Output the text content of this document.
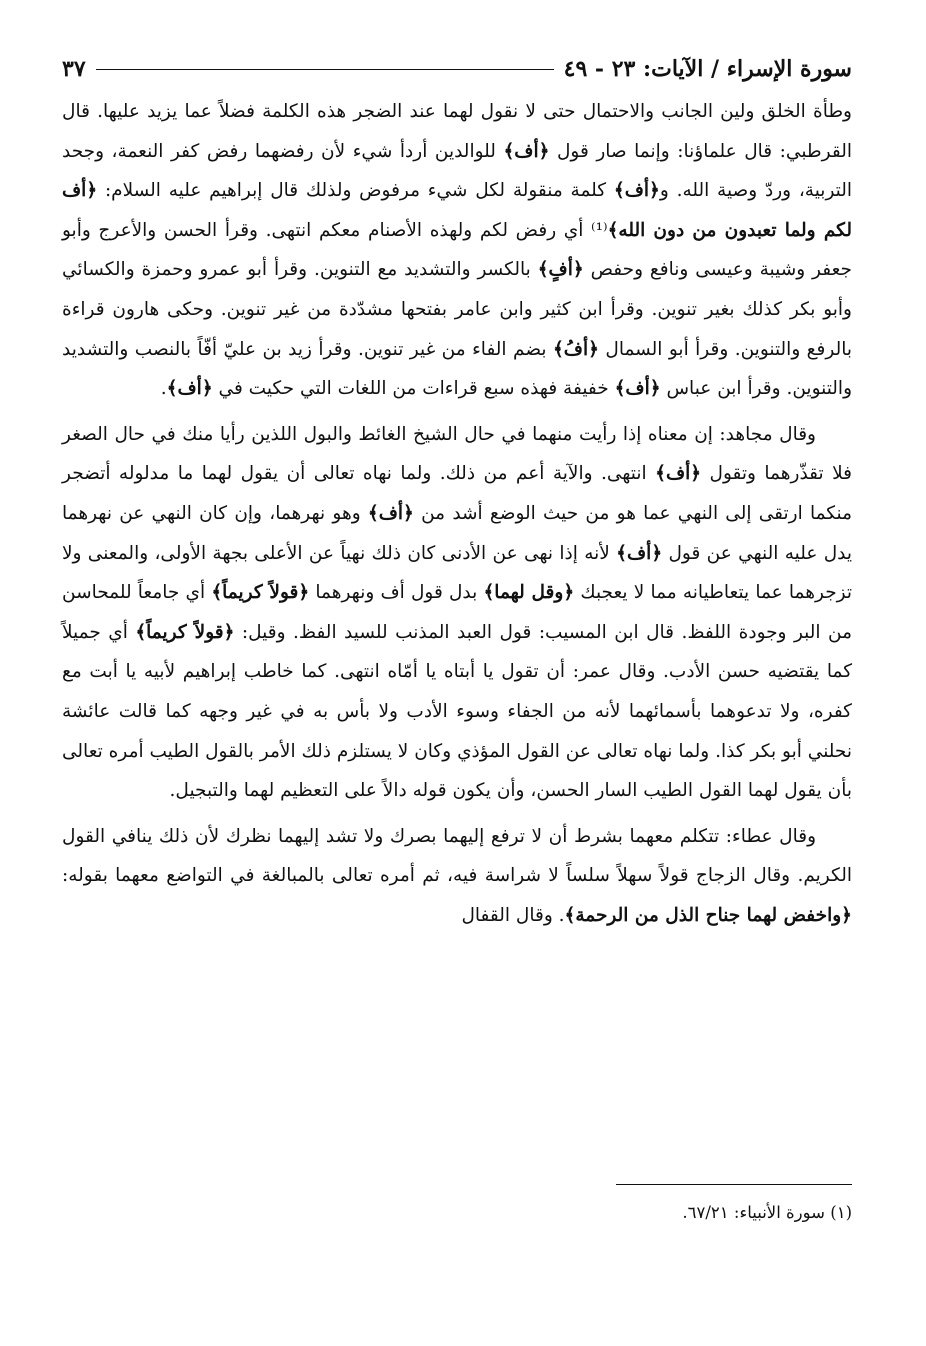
سورة الإسراء / الآيات: ٢٣ - ٤٩
٣٧

وطأة الخلق ولين الجانب والاحتمال حتى لا نقول لهما عند الضجر هذه الكلمة فضلاً عما يزيد عليها. قال القرطبي: قال علماؤنا: وإنما صار قول ﴿أف﴾ للوالدين أردأ شيء لأن رفضهما رفض كفر النعمة، وجحد التربية، وردّ وصية الله. و﴿أف﴾ كلمة منقولة لكل شيء مرفوض ولذلك قال إبراهيم عليه السلام: ﴿أف لكم ولما تعبدون من دون الله﴾⁽¹⁾ أي رفض لكم ولهذه الأصنام معكم انتهى. وقرأ الحسن والأعرج وأبو جعفر وشيبة وعيسى ونافع وحفص ﴿أفٍ﴾ بالكسر والتشديد مع التنوين. وقرأ أبو عمرو وحمزة والكسائي وأبو بكر كذلك بغير تنوين. وقرأ ابن كثير وابن عامر بفتحها مشدّدة من غير تنوين. وحكى هارون قراءة بالرفع والتنوين. وقرأ أبو السمال ﴿أفُ﴾ بضم الفاء من غير تنوين. وقرأ زيد بن عليّ أفّاً بالنصب والتشديد والتنوين. وقرأ ابن عباس ﴿أف﴾ خفيفة فهذه سبع قراءات من اللغات التي حكيت في ﴿أف﴾.

وقال مجاهد: إن معناه إذا رأيت منهما في حال الشيخ الغائط والبول اللذين رأيا منك في حال الصغر فلا تقذّرهما وتقول ﴿أف﴾ انتهى. والآية أعم من ذلك. ولما نهاه تعالى أن يقول لهما ما مدلوله أتضجر منكما ارتقى إلى النهي عما هو من حيث الوضع أشد من ﴿أف﴾ وهو نهرهما، وإن كان النهي عن نهرهما يدل عليه النهي عن قول ﴿أف﴾ لأنه إذا نهى عن الأدنى كان ذلك نهياً عن الأعلى بجهة الأولى، والمعنى ولا تزجرهما عما يتعاطيانه مما لا يعجبك ﴿وقل لهما﴾ بدل قول أف ونهرهما ﴿قولاً كريماً﴾ أي جامعاً للمحاسن من البر وجودة اللفظ. قال ابن المسيب: قول العبد المذنب للسيد الفظ. وقيل: ﴿قولاً كريماً﴾ أي جميلاً كما يقتضيه حسن الأدب. وقال عمر: أن تقول يا أبتاه يا أمّاه انتهى. كما خاطب إبراهيم لأبيه يا أبت مع كفره، ولا تدعوهما بأسمائهما لأنه من الجفاء وسوء الأدب ولا بأس به في غير وجهه كما قالت عائشة نحلني أبو بكر كذا. ولما نهاه تعالى عن القول المؤذي وكان لا يستلزم ذلك الأمر بالقول الطيب أمره تعالى بأن يقول لهما القول الطيب السار الحسن، وأن يكون قوله دالاً على التعظيم لهما والتبجيل.

وقال عطاء: تتكلم معهما بشرط أن لا ترفع إليهما بصرك ولا تشد إليهما نظرك لأن ذلك ينافي القول الكريم. وقال الزجاج قولاً سهلاً سلساً لا شراسة فيه، ثم أمره تعالى بالمبالغة في التواضع معهما بقوله: ﴿واخفض لهما جناح الذل من الرحمة﴾. وقال القفال

(١) سورة الأنبياء: ٦٧/٢١.
